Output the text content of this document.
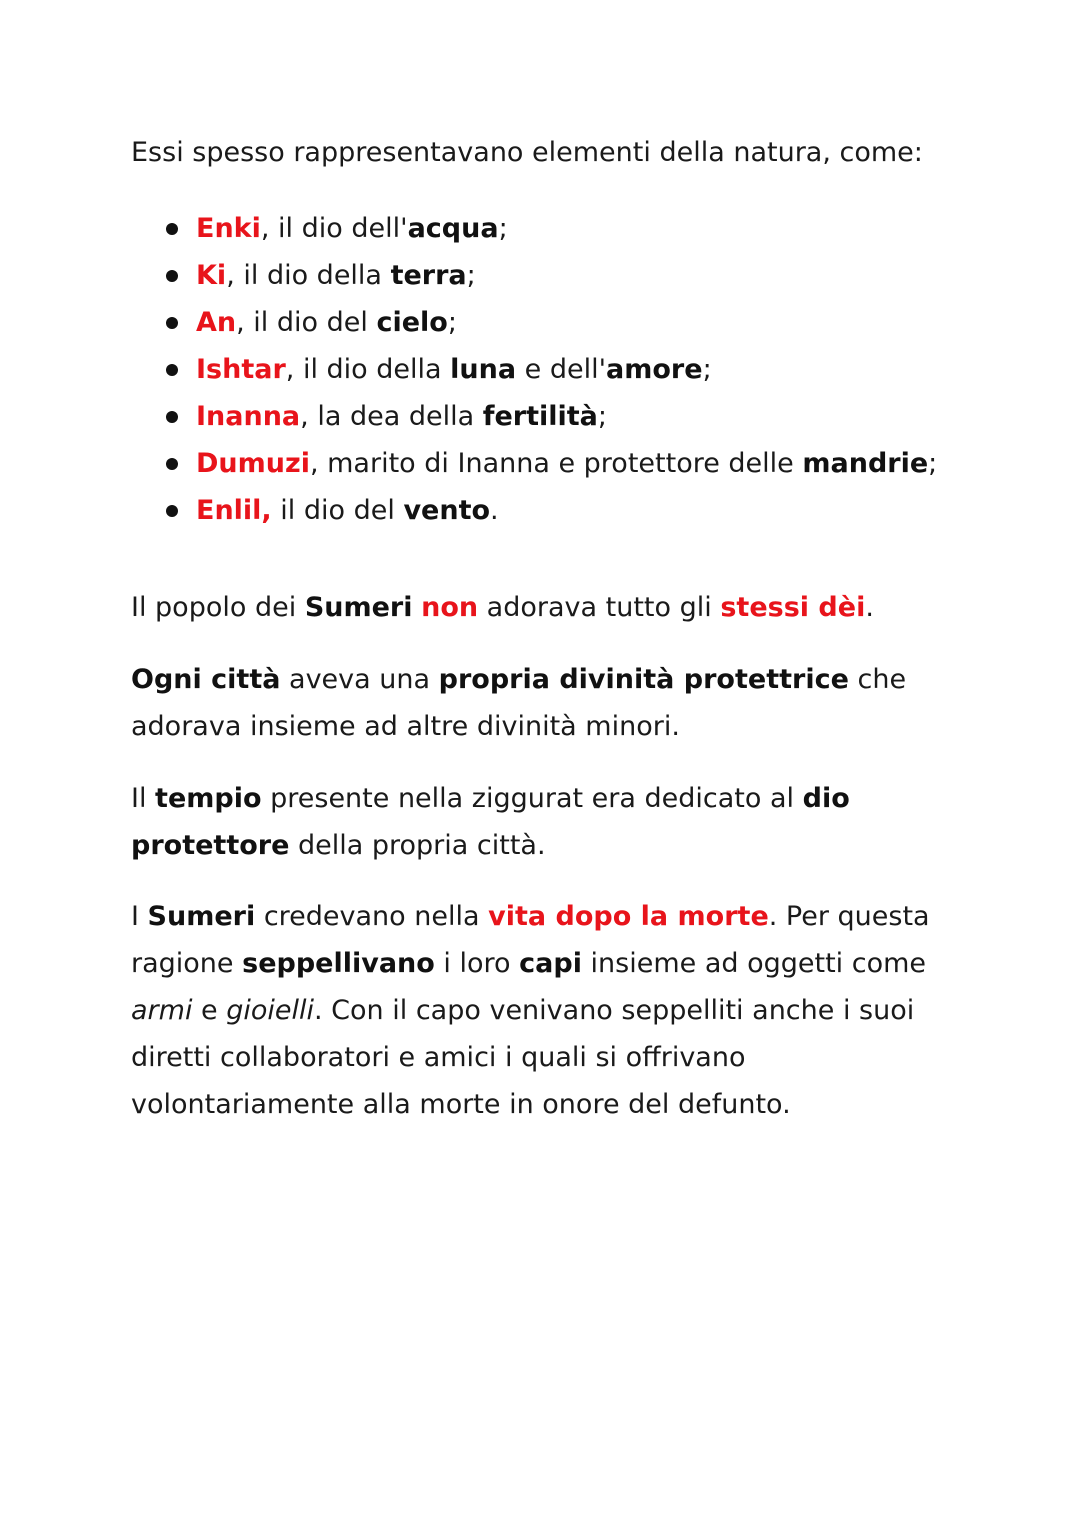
Essi spesso rappresentavano elementi della natura, come:

Enki, il dio dell'acqua;
Ki, il dio della terra;
An, il dio del cielo;
Ishtar, il dio della luna e dell'amore;
Inanna, la dea della fertilità;
Dumuzi, marito di Inanna e protettore delle mandrie;
Enlil, il dio del vento.

Il popolo dei Sumeri non adorava tutto gli stessi dèi.

Ogni città aveva una propria divinità protettrice che
adorava insieme ad altre divinità minori.

Il tempio presente nella ziggurat era dedicato al dio
protettore della propria città.

I Sumeri credevano nella vita dopo la morte. Per questa
ragione seppellivano i loro capi insieme ad oggetti come
armi e gioielli. Con il capo venivano seppelliti anche i suoi
diretti collaboratori e amici i quali si offrivano
volontariamente alla morte in onore del defunto.
